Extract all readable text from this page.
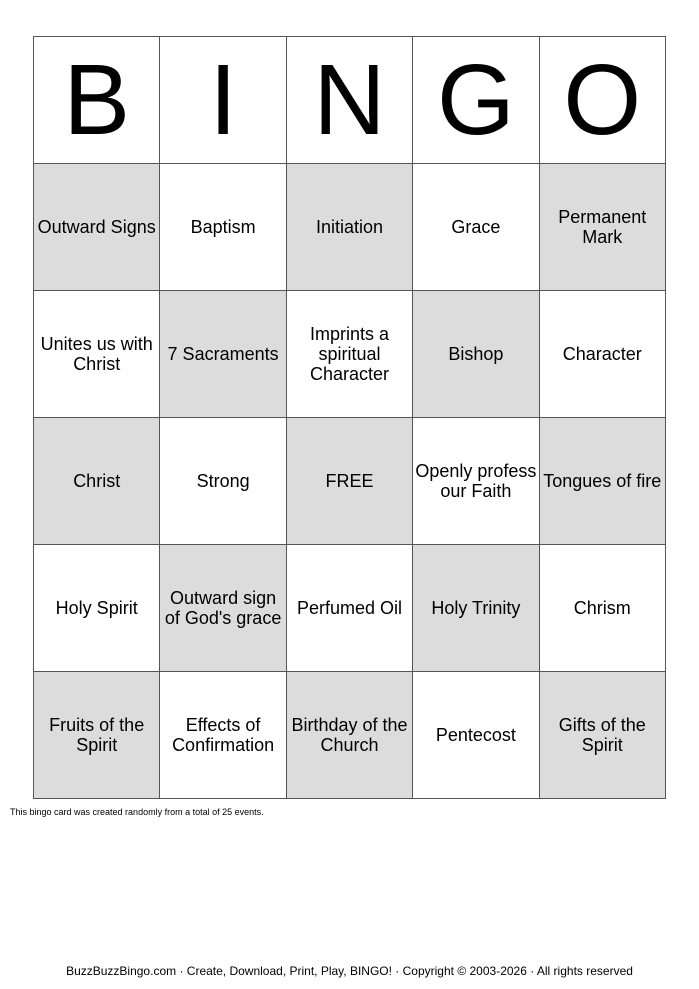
B	I	N	G	O
Outward Signs	Baptism	Initiation	Grace	Permanent Mark
Unites us with Christ	7 Sacraments	Imprints a spiritual Character	Bishop	Character
Christ	Strong	FREE	Openly profess our Faith	Tongues of fire
Holy Spirit	Outward sign of God's grace	Perfumed Oil	Holy Trinity	Chrism
Fruits of the Spirit	Effects of Confirmation	Birthday of the Church	Pentecost	Gifts of the Spirit
This bingo card was created randomly from a total of 25 events.
BuzzBuzzBingo.com · Create, Download, Print, Play, BINGO! · Copyright © 2003-2026 · All rights reserved
